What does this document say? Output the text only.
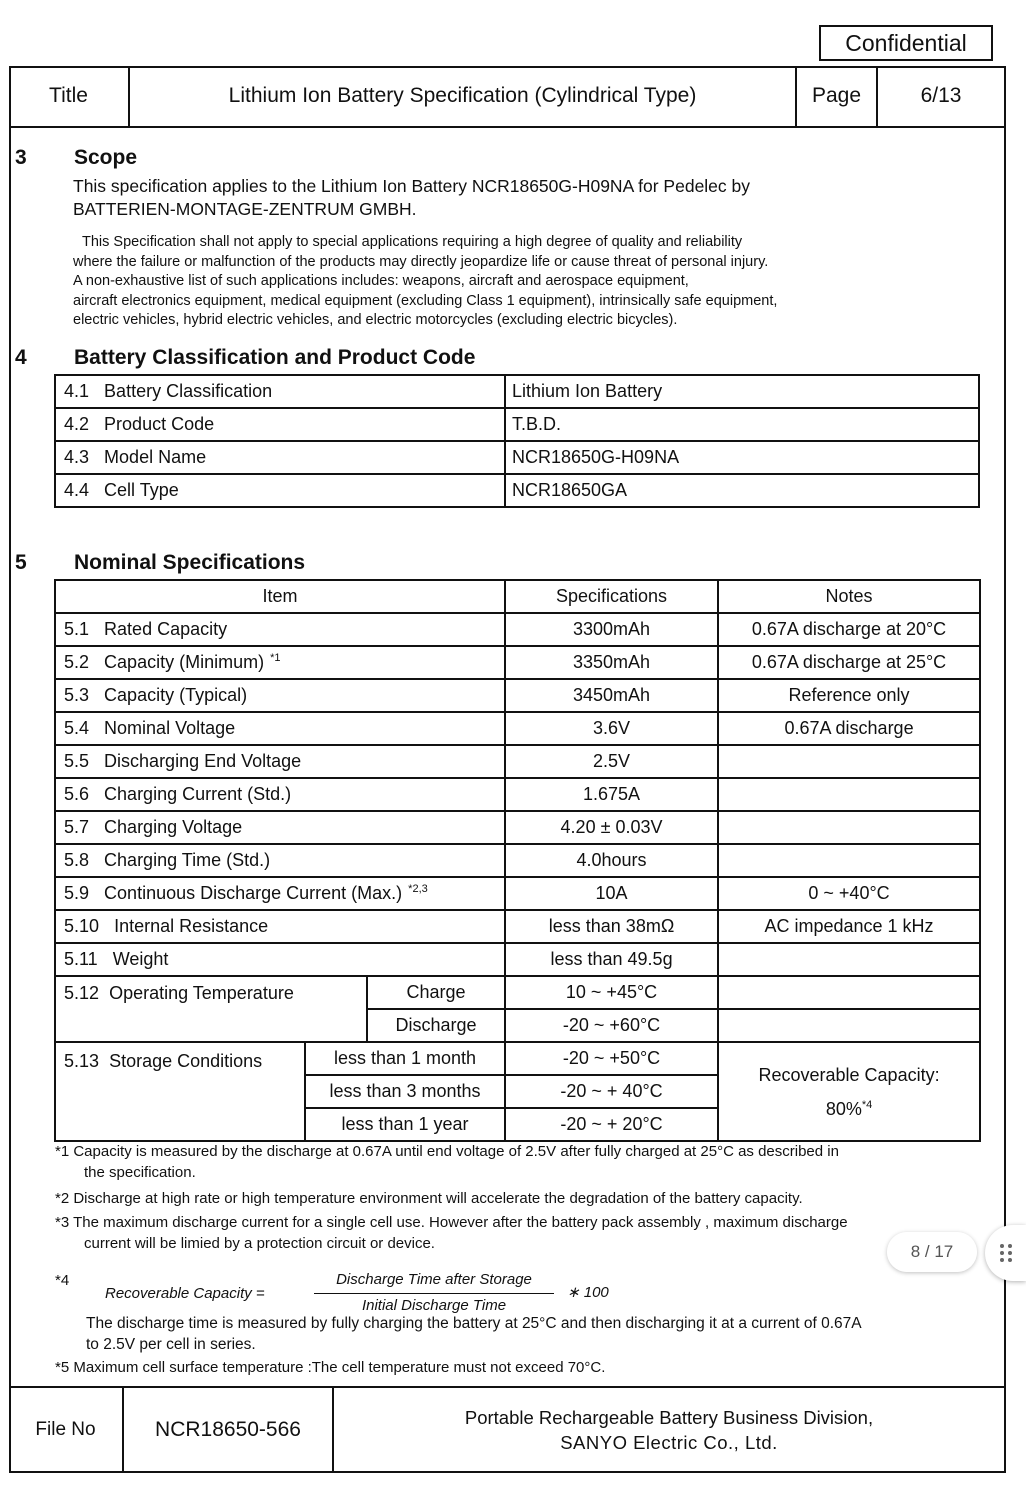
Confidential
Title	Lithium Ion Battery Specification (Cylindrical Type)	Page	6/13
3 Scope
This specification applies to the Lithium Ion Battery NCR18650G-H09NA for Pedelec by
BATTERIEN-MONTAGE-ZENTRUM GMBH.
This Specification shall not apply to special applications requiring a high degree of quality and reliability
where the failure or malfunction of the products may directly jeopardize life or cause threat of personal injury.
A non-exhaustive list of such applications includes: weapons, aircraft and aerospace equipment,
aircraft electronics equipment, medical equipment (excluding Class 1 equipment), intrinsically safe equipment,
electric vehicles, hybrid electric vehicles, and electric motorcycles (excluding electric bicycles).
4 Battery Classification and Product Code
4.1 Battery Classification	Lithium Ion Battery
4.2 Product Code	T.B.D.
4.3 Model Name	NCR18650G-H09NA
4.4 Cell Type	NCR18650GA
5 Nominal Specifications
Item			Specifications	Notes
5.1 Rated Capacity			3300mAh	0.67A discharge at 20°C
5.2 Capacity (Minimum) $^{*1}$			3350mAh	0.67A discharge at 25°C
5.3 Capacity (Typical)			3450mAh	Reference only
5.4 Nominal Voltage			3.6V	0.67A discharge
5.5 Discharging End Voltage			2.5V	
5.6 Charging Current (Std.)			1.675A	
5.7 Charging Voltage			4.20 ± 0.03V	
5.8 Charging Time (Std.)			4.0hours	
5.9 Continuous Discharge Current (Max.) $^{*2,3}$			10A	0 ~ +40°C
5.10 Internal Resistance			less than 38mΩ	AC impedance 1 kHz
5.11 Weight			less than 49.5g	
5.12 Operating Temperature		Charge	10 ~ +45°C	
		Discharge	-20 ~ +60°C	
5.13 Storage Conditions	less than 1 month		-20 ~ +50°C	Recoverable Capacity:
80%$^{*4}$

	less than 3 months		-20 ~ + 40°C	
	less than 1 year		-20 ~ + 20°C	
*1 Capacity is measured by the discharge at 0.67A until end voltage of 2.5V after fully charged at 25°C as described in
the specification.
*2 Discharge at high rate or high temperature environment will accelerate the degradation of the battery capacity.
*3 The maximum discharge current for a single cell use. However after the battery pack assembly , maximum discharge
current will be limied by a protection circuit or device.
*4
Recoverable Capacity =
Discharge Time after Storage
Initial Discharge Time
∗ 100
The discharge time is measured by fully charging the battery at 25°C and then discharging it at a current of 0.67A
to 2.5V per cell in series.
*5 Maximum cell surface temperature :The cell temperature must not exceed 70°C.
File No	NCR18650-566
Portable Rechargeable Battery Business Division,
SANYO Electric Co., Ltd.
8 / 17
